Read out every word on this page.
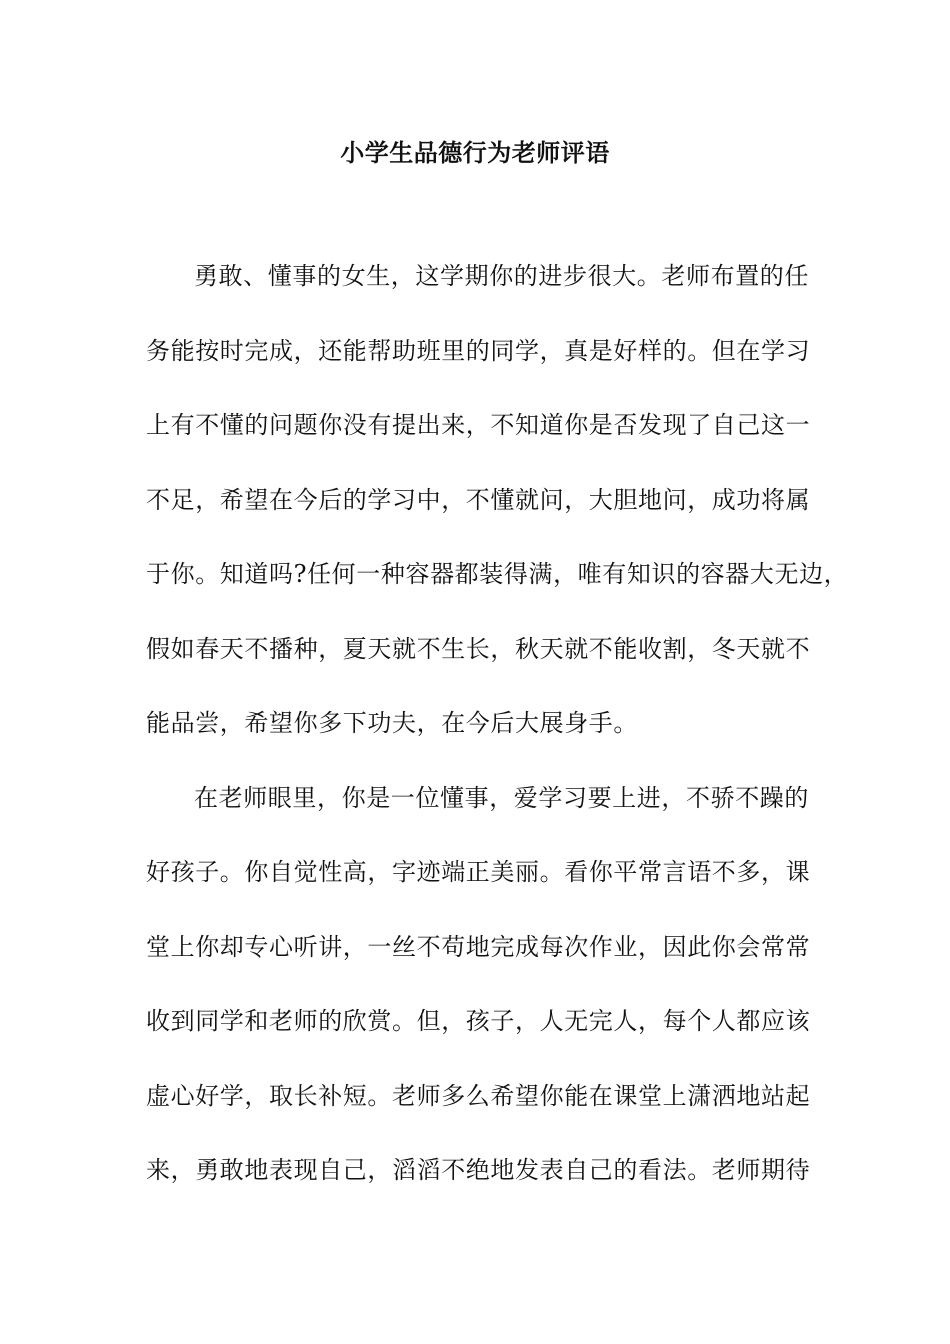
小学生品德行为老师评语
勇敢、懂事的女生，这学期你的进步很大。老师布置的任
务能按时完成，还能帮助班里的同学，真是好样的。但在学习
上有不懂的问题你没有提出来，不知道你是否发现了自己这一
不足，希望在今后的学习中，不懂就问，大胆地问，成功将属
于你。知道吗?任何一种容器都装得满，唯有知识的容器大无边，
假如春天不播种，夏天就不生长，秋天就不能收割，冬天就不
能品尝，希望你多下功夫，在今后大展身手。
在老师眼里，你是一位懂事，爱学习要上进，不骄不躁的
好孩子。你自觉性高，字迹端正美丽。看你平常言语不多，课
堂上你却专心听讲，一丝不苟地完成每次作业，因此你会常常
收到同学和老师的欣赏。但，孩子，人无完人，每个人都应该
虚心好学，取长补短。老师多么希望你能在课堂上潇洒地站起
来，勇敢地表现自己，滔滔不绝地发表自己的看法。老师期待
